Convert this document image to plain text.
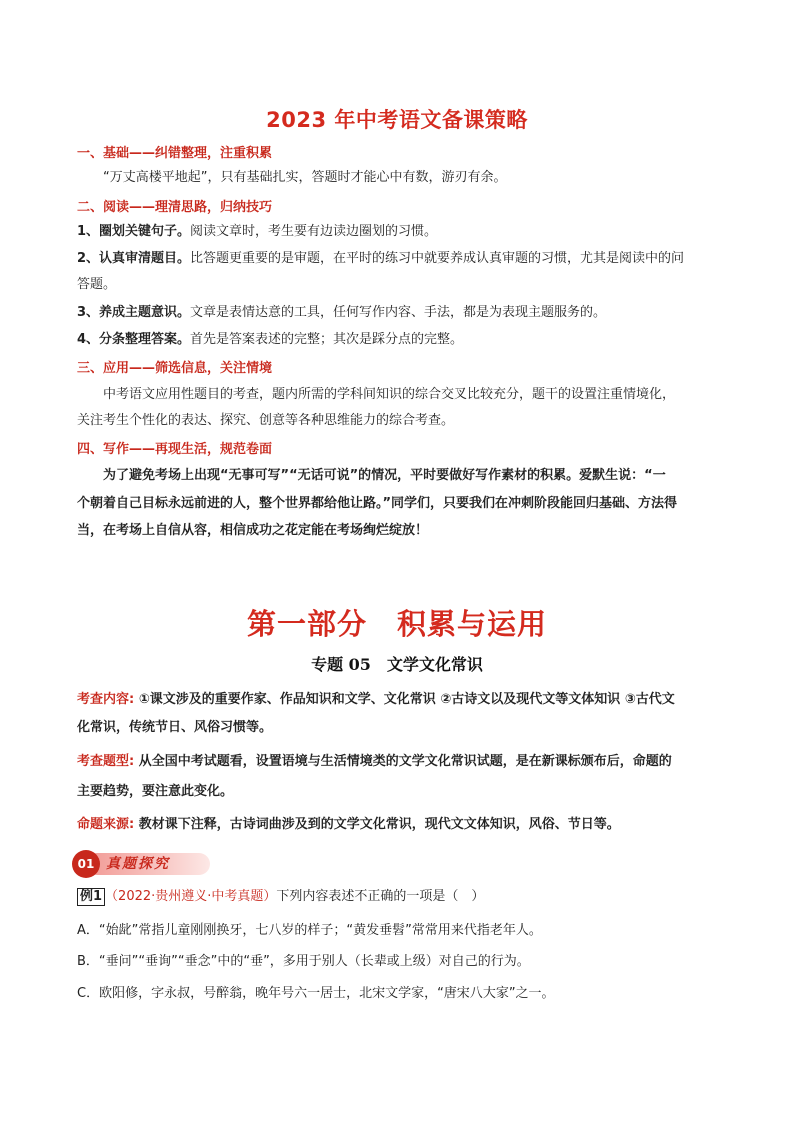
2023 年中考语文备课策略
一、基础——纠错整理，注重积累
“万丈高楼平地起”，只有基础扎实，答题时才能心中有数，游刃有余。
二、阅读——理清思路，归纳技巧
1、圈划关键句子。阅读文章时，考生要有边读边圈划的习惯。
2、认真审清题目。比答题更重要的是审题，在平时的练习中就要养成认真审题的习惯，尤其是阅读中的问
答题。
3、养成主题意识。文章是表情达意的工具，任何写作内容、手法，都是为表现主题服务的。
4、分条整理答案。首先是答案表述的完整；其次是踩分点的完整。
三、应用——筛选信息，关注情境
中考语文应用性题目的考查，题内所需的学科间知识的综合交叉比较充分，题干的设置注重情境化，
关注考生个性化的表达、探究、创意等各种思维能力的综合考查。
四、写作——再现生活，规范卷面
为了避免考场上出现“无事可写”“无话可说”的情况，平时要做好写作素材的积累。爱默生说：“一
个朝着自己目标永远前进的人，整个世界都给他让路。”同学们，只要我们在冲刺阶段能回归基础、方法得
当，在考场上自信从容，相信成功之花定能在考场绚烂绽放！
第一部分　积累与运用
专题 05　文学文化常识
考查内容: ①课文涉及的重要作家、作品知识和文学、文化常识 ②古诗文以及现代文等文体知识 ③古代文
化常识，传统节日、风俗习惯等。
考查题型: 从全国中考试题看，设置语境与生活情境类的文学文化常识试题，是在新课标颁布后，命题的
主要趋势，要注意此变化。
命题来源: 教材课下注释，古诗词曲涉及到的文学文化常识，现代文文体知识，风俗、节日等。
01 真题探究
例1 （2022·贵州遵义·中考真题）下列内容表述不正确的一项是（　）
A．“始龀”常指儿童刚刚换牙，七八岁的样子；“黄发垂髫”常常用来代指老年人。
B．“垂问”“垂询”“垂念”中的“垂”，多用于别人（长辈或上级）对自己的行为。
C．欧阳修，字永叔，号醉翁，晚年号六一居士，北宋文学家，“唐宋八大家”之一。
